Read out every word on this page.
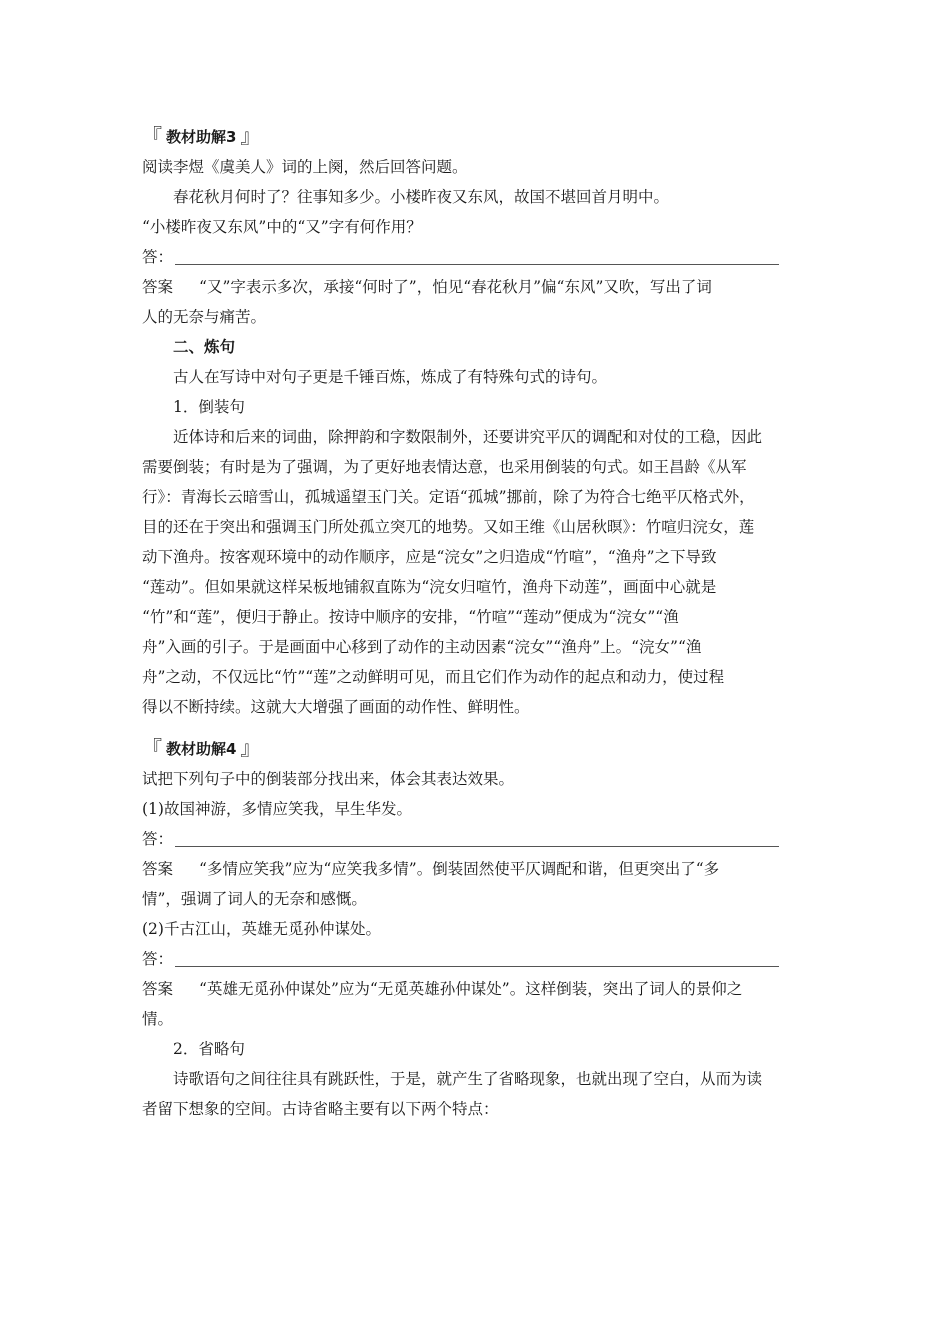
『 教材助解3 』
阅读李煜《虞美人》词的上阕，然后回答问题。
春花秋月何时了？往事知多少。小楼昨夜又东风，故国不堪回首月明中。
“小楼昨夜又东风”中的“又”字有何作用？
答：
答案 “又”字表示多次，承接“何时了”，怕见“春花秋月”偏“东风”又吹，写出了词
人的无奈与痛苦。
二、炼句
古人在写诗中对句子更是千锤百炼，炼成了有特殊句式的诗句。
1．倒装句
近体诗和后来的词曲，除押韵和字数限制外，还要讲究平仄的调配和对仗的工稳，因此
需要倒装；有时是为了强调，为了更好地表情达意，也采用倒装的句式。如王昌龄《从军
行》：青海长云暗雪山，孤城遥望玉门关。定语“孤城”挪前，除了为符合七绝平仄格式外，
目的还在于突出和强调玉门所处孤立突兀的地势。又如王维《山居秋暝》：竹喧归浣女，莲
动下渔舟。按客观环境中的动作顺序，应是“浣女”之归造成“竹喧”，“渔舟”之下导致
“莲动”。但如果就这样呆板地铺叙直陈为“浣女归喧竹，渔舟下动莲”，画面中心就是
“竹”和“莲”，便归于静止。按诗中顺序的安排，“竹喧”“莲动”便成为“浣女”“渔
舟”入画的引子。于是画面中心移到了动作的主动因素“浣女”“渔舟”上。“浣女”“渔
舟”之动，不仅远比“竹”“莲”之动鲜明可见，而且它们作为动作的起点和动力，使过程
得以不断持续。这就大大增强了画面的动作性、鲜明性。
『 教材助解4 』
试把下列句子中的倒装部分找出来，体会其表达效果。
(1)故国神游，多情应笑我，早生华发。
答：
答案 “多情应笑我”应为“应笑我多情”。倒装固然使平仄调配和谐，但更突出了“多
情”，强调了词人的无奈和感慨。
(2)千古江山，英雄无觅孙仲谋处。
答：
答案 “英雄无觅孙仲谋处”应为“无觅英雄孙仲谋处”。这样倒装，突出了词人的景仰之
情。
2．省略句
诗歌语句之间往往具有跳跃性，于是，就产生了省略现象，也就出现了空白，从而为读
者留下想象的空间。古诗省略主要有以下两个特点：
